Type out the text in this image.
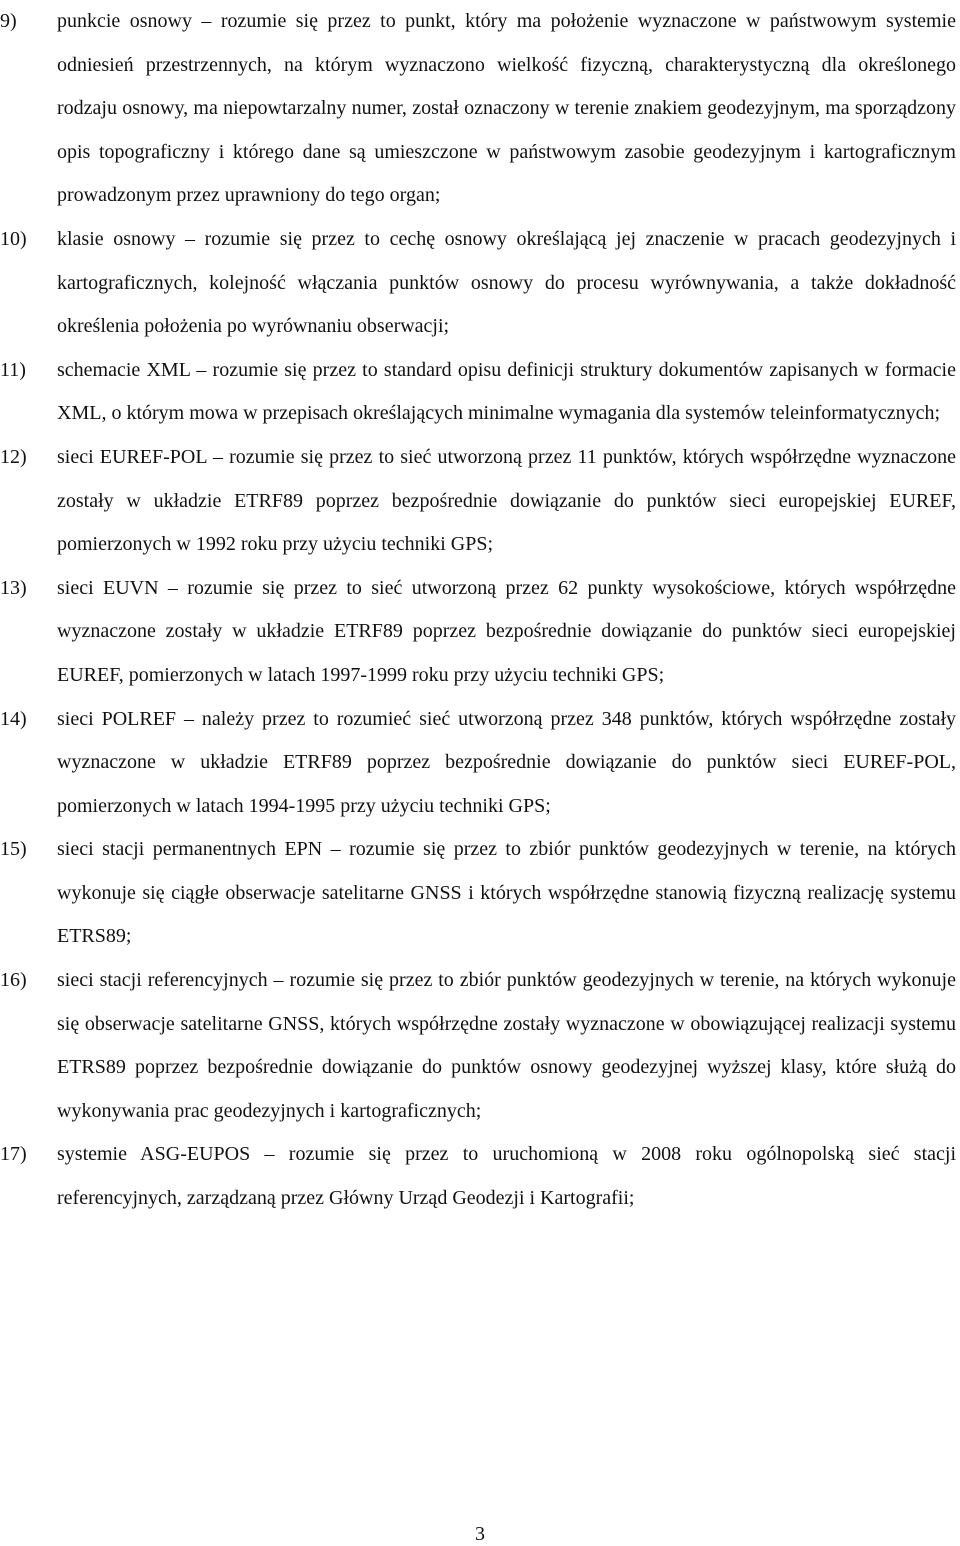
9) punkcie osnowy – rozumie się przez to punkt, który ma położenie wyznaczone w państwowym systemie odniesień przestrzennych, na którym wyznaczono wielkość fizyczną, charakterystyczną dla określonego rodzaju osnowy, ma niepowtarzalny numer, został oznaczony w terenie znakiem geodezyjnym, ma sporządzony opis topograficzny i którego dane są umieszczone w państwowym zasobie geodezyjnym i kartograficznym prowadzonym przez uprawniony do tego organ;
10) klasie osnowy – rozumie się przez to cechę osnowy określającą jej znaczenie w pracach geodezyjnych i kartograficznych, kolejność włączania punktów osnowy do procesu wyrównywania, a także dokładność określenia położenia po wyrównaniu obserwacji;
11) schemacie XML – rozumie się przez to standard opisu definicji struktury dokumentów zapisanych w formacie XML, o którym mowa w przepisach określających minimalne wymagania dla systemów teleinformatycznych;
12) sieci EUREF-POL – rozumie się przez to sieć utworzoną przez 11 punktów, których współrzędne wyznaczone zostały w układzie ETRF89 poprzez bezpośrednie dowiązanie do punktów sieci europejskiej EUREF, pomierzonych w 1992 roku przy użyciu techniki GPS;
13) sieci EUVN – rozumie się przez to sieć utworzoną przez 62 punkty wysokościowe, których współrzędne wyznaczone zostały w układzie ETRF89 poprzez bezpośrednie dowiązanie do punktów sieci europejskiej EUREF, pomierzonych w latach 1997-1999 roku przy użyciu techniki GPS;
14) sieci POLREF – należy przez to rozumieć sieć utworzoną przez 348 punktów, których współrzędne zostały wyznaczone w układzie ETRF89 poprzez bezpośrednie dowiązanie do punktów sieci EUREF-POL, pomierzonych w latach 1994-1995 przy użyciu techniki GPS;
15) sieci stacji permanentnych EPN – rozumie się przez to zbiór punktów geodezyjnych w terenie, na których wykonuje się ciągłe obserwacje satelitarne GNSS i których współrzędne stanowią fizyczną realizację systemu ETRS89;
16) sieci stacji referencyjnych – rozumie się przez to zbiór punktów geodezyjnych w terenie, na których wykonuje się obserwacje satelitarne GNSS, których współrzędne zostały wyznaczone w obowiązującej realizacji systemu ETRS89 poprzez bezpośrednie dowiązanie do punktów osnowy geodezyjnej wyższej klasy, które służą do wykonywania prac geodezyjnych i kartograficznych;
17) systemie ASG-EUPOS – rozumie się przez to uruchomioną w 2008 roku ogólnopolską sieć stacji referencyjnych, zarządzaną przez Główny Urząd Geodezji i Kartografii;
3
